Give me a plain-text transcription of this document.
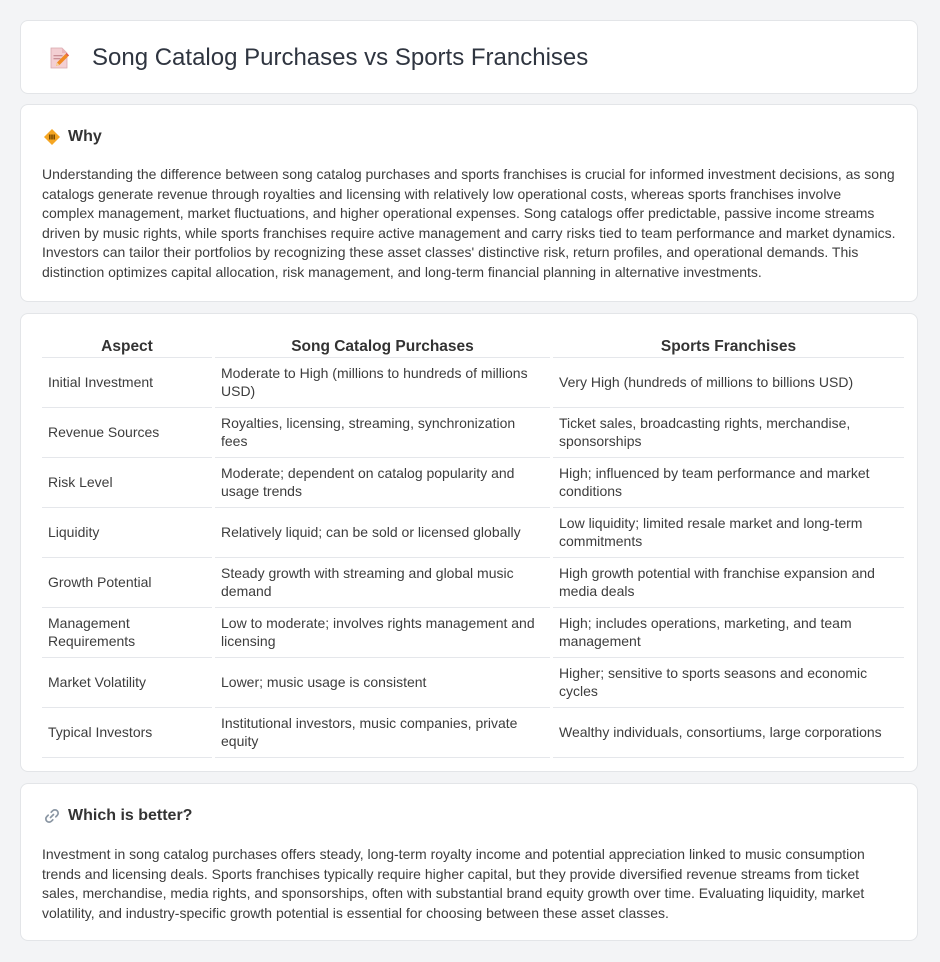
Song Catalog Purchases vs Sports Franchises
Why

Understanding the difference between song catalog purchases and sports franchises is crucial for informed investment decisions, as song catalogs generate revenue through royalties and licensing with relatively low operational costs, whereas sports franchises involve complex management, market fluctuations, and higher operational expenses. Song catalogs offer predictable, passive income streams driven by music rights, while sports franchises require active management and carry risks tied to team performance and market dynamics. Investors can tailor their portfolios by recognizing these asset classes' distinctive risk, return profiles, and operational demands. This distinction optimizes capital allocation, risk management, and long-term financial planning in alternative investments.

Aspect	Song Catalog Purchases	Sports Franchises
Initial Investment	Moderate to High (millions to hundreds of millions USD)	Very High (hundreds of millions to billions USD)
Revenue Sources	Royalties, licensing, streaming, synchronization fees	Ticket sales, broadcasting rights, merchandise, sponsorships
Risk Level	Moderate; dependent on catalog popularity and usage trends	High; influenced by team performance and market conditions
Liquidity	Relatively liquid; can be sold or licensed globally	Low liquidity; limited resale market and long-term commitments
Growth Potential	Steady growth with streaming and global music demand	High growth potential with franchise expansion and media deals
Management Requirements	Low to moderate; involves rights management and licensing	High; includes operations, marketing, and team management
Market Volatility	Lower; music usage is consistent	Higher; sensitive to sports seasons and economic cycles
Typical Investors	Institutional investors, music companies, private equity	Wealthy individuals, consortiums, large corporations
Which is better?

Investment in song catalog purchases offers steady, long-term royalty income and potential appreciation linked to music consumption trends and licensing deals. Sports franchises typically require higher capital, but they provide diversified revenue streams from ticket sales, merchandise, media rights, and sponsorships, often with substantial brand equity growth over time. Evaluating liquidity, market volatility, and industry-specific growth potential is essential for choosing between these asset classes.
